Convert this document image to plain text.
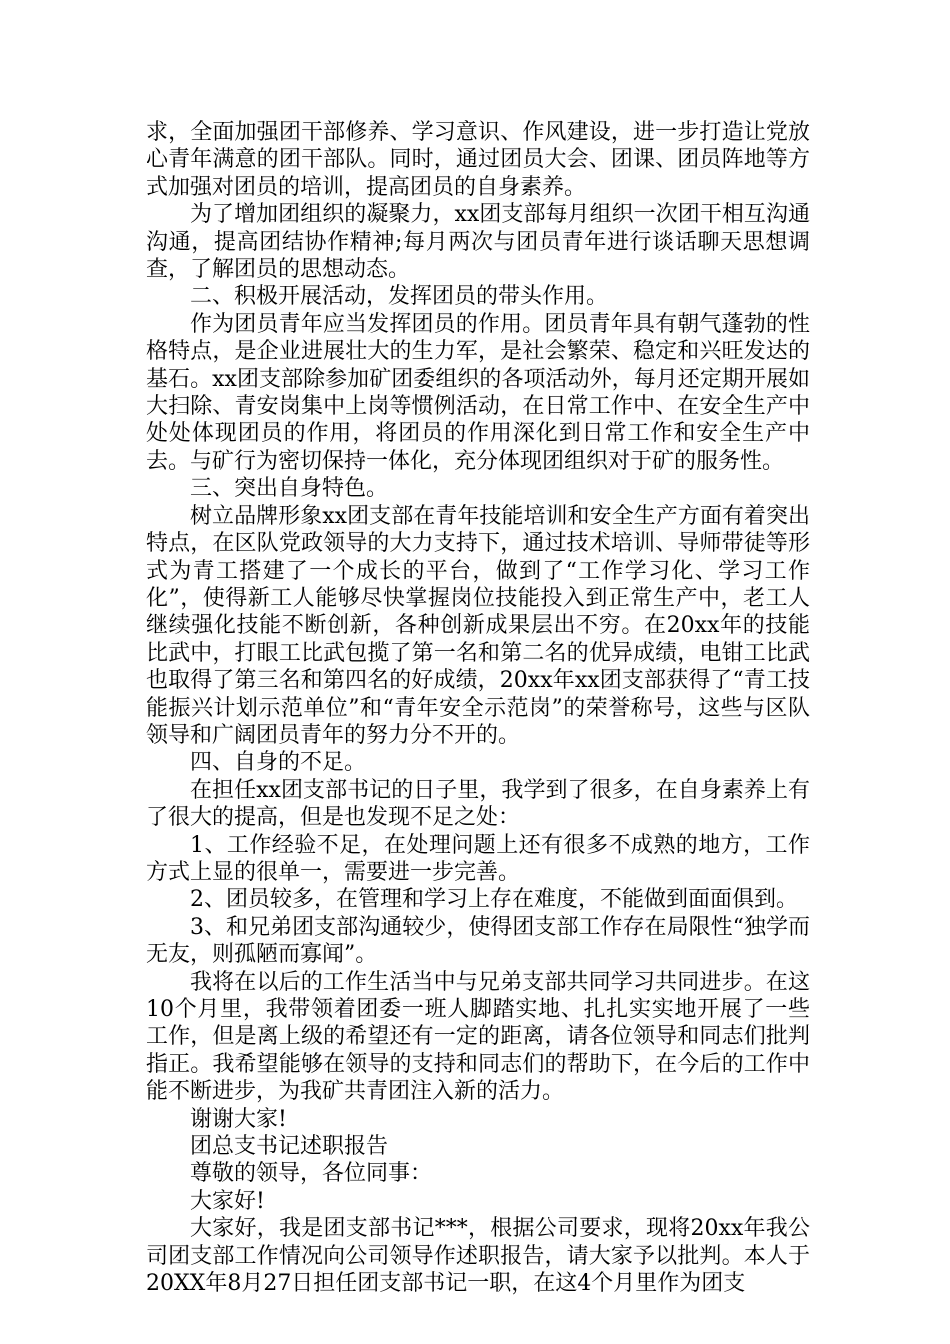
求，全面加强团干部修养、学习意识、作风建设，进一步打造让党放心青年满意的团干部队。同时，通过团员大会、团课、团员阵地等方式加强对团员的培训，提高团员的自身素养。

为了增加团组织的凝聚力，xx团支部每月组织一次团干相互沟通沟通，提高团结协作精神;每月两次与团员青年进行谈话聊天思想调查，了解团员的思想动态。

二、积极开展活动，发挥团员的带头作用。

作为团员青年应当发挥团员的作用。团员青年具有朝气蓬勃的性格特点，是企业进展壮大的生力军，是社会繁荣、稳定和兴旺发达的基石。xx团支部除参加矿团委组织的各项活动外，每月还定期开展如大扫除、青安岗集中上岗等惯例活动，在日常工作中、在安全生产中处处体现团员的作用，将团员的作用深化到日常工作和安全生产中去。与矿行为密切保持一体化，充分体现团组织对于矿的服务性。

三、突出自身特色。

树立品牌形象xx团支部在青年技能培训和安全生产方面有着突出特点，在区队党政领导的大力支持下，通过技术培训、导师带徒等形式为青工搭建了一个成长的平台，做到了“工作学习化、学习工作化”，使得新工人能够尽快掌握岗位技能投入到正常生产中，老工人继续强化技能不断创新，各种创新成果层出不穷。在20xx年的技能比武中，打眼工比武包揽了第一名和第二名的优异成绩，电钳工比武也取得了第三名和第四名的好成绩，20xx年xx团支部获得了“青工技能振兴计划示范单位”和“青年安全示范岗”的荣誉称号，这些与区队领导和广阔团员青年的努力分不开的。

四、自身的不足。

在担任xx团支部书记的日子里，我学到了很多，在自身素养上有了很大的提高，但是也发现不足之处：

1、工作经验不足，在处理问题上还有很多不成熟的地方，工作方式上显的很单一，需要进一步完善。

2、团员较多，在管理和学习上存在难度，不能做到面面俱到。

3、和兄弟团支部沟通较少，使得团支部工作存在局限性“独学而无友，则孤陋而寡闻”。

我将在以后的工作生活当中与兄弟支部共同学习共同进步。在这10个月里，我带领着团委一班人脚踏实地、扎扎实实地开展了一些工作，但是离上级的希望还有一定的距离，请各位领导和同志们批判指正。我希望能够在领导的支持和同志们的帮助下，在今后的工作中能不断进步，为我矿共青团注入新的活力。

谢谢大家!

团总支书记述职报告

尊敬的领导，各位同事：

大家好!

大家好，我是团支部书记***，根据公司要求，现将20xx年我公司团支部工作情况向公司领导作述职报告，请大家予以批判。本人于20XX年8月27日担任团支部书记一职，在这4个月里作为团支
